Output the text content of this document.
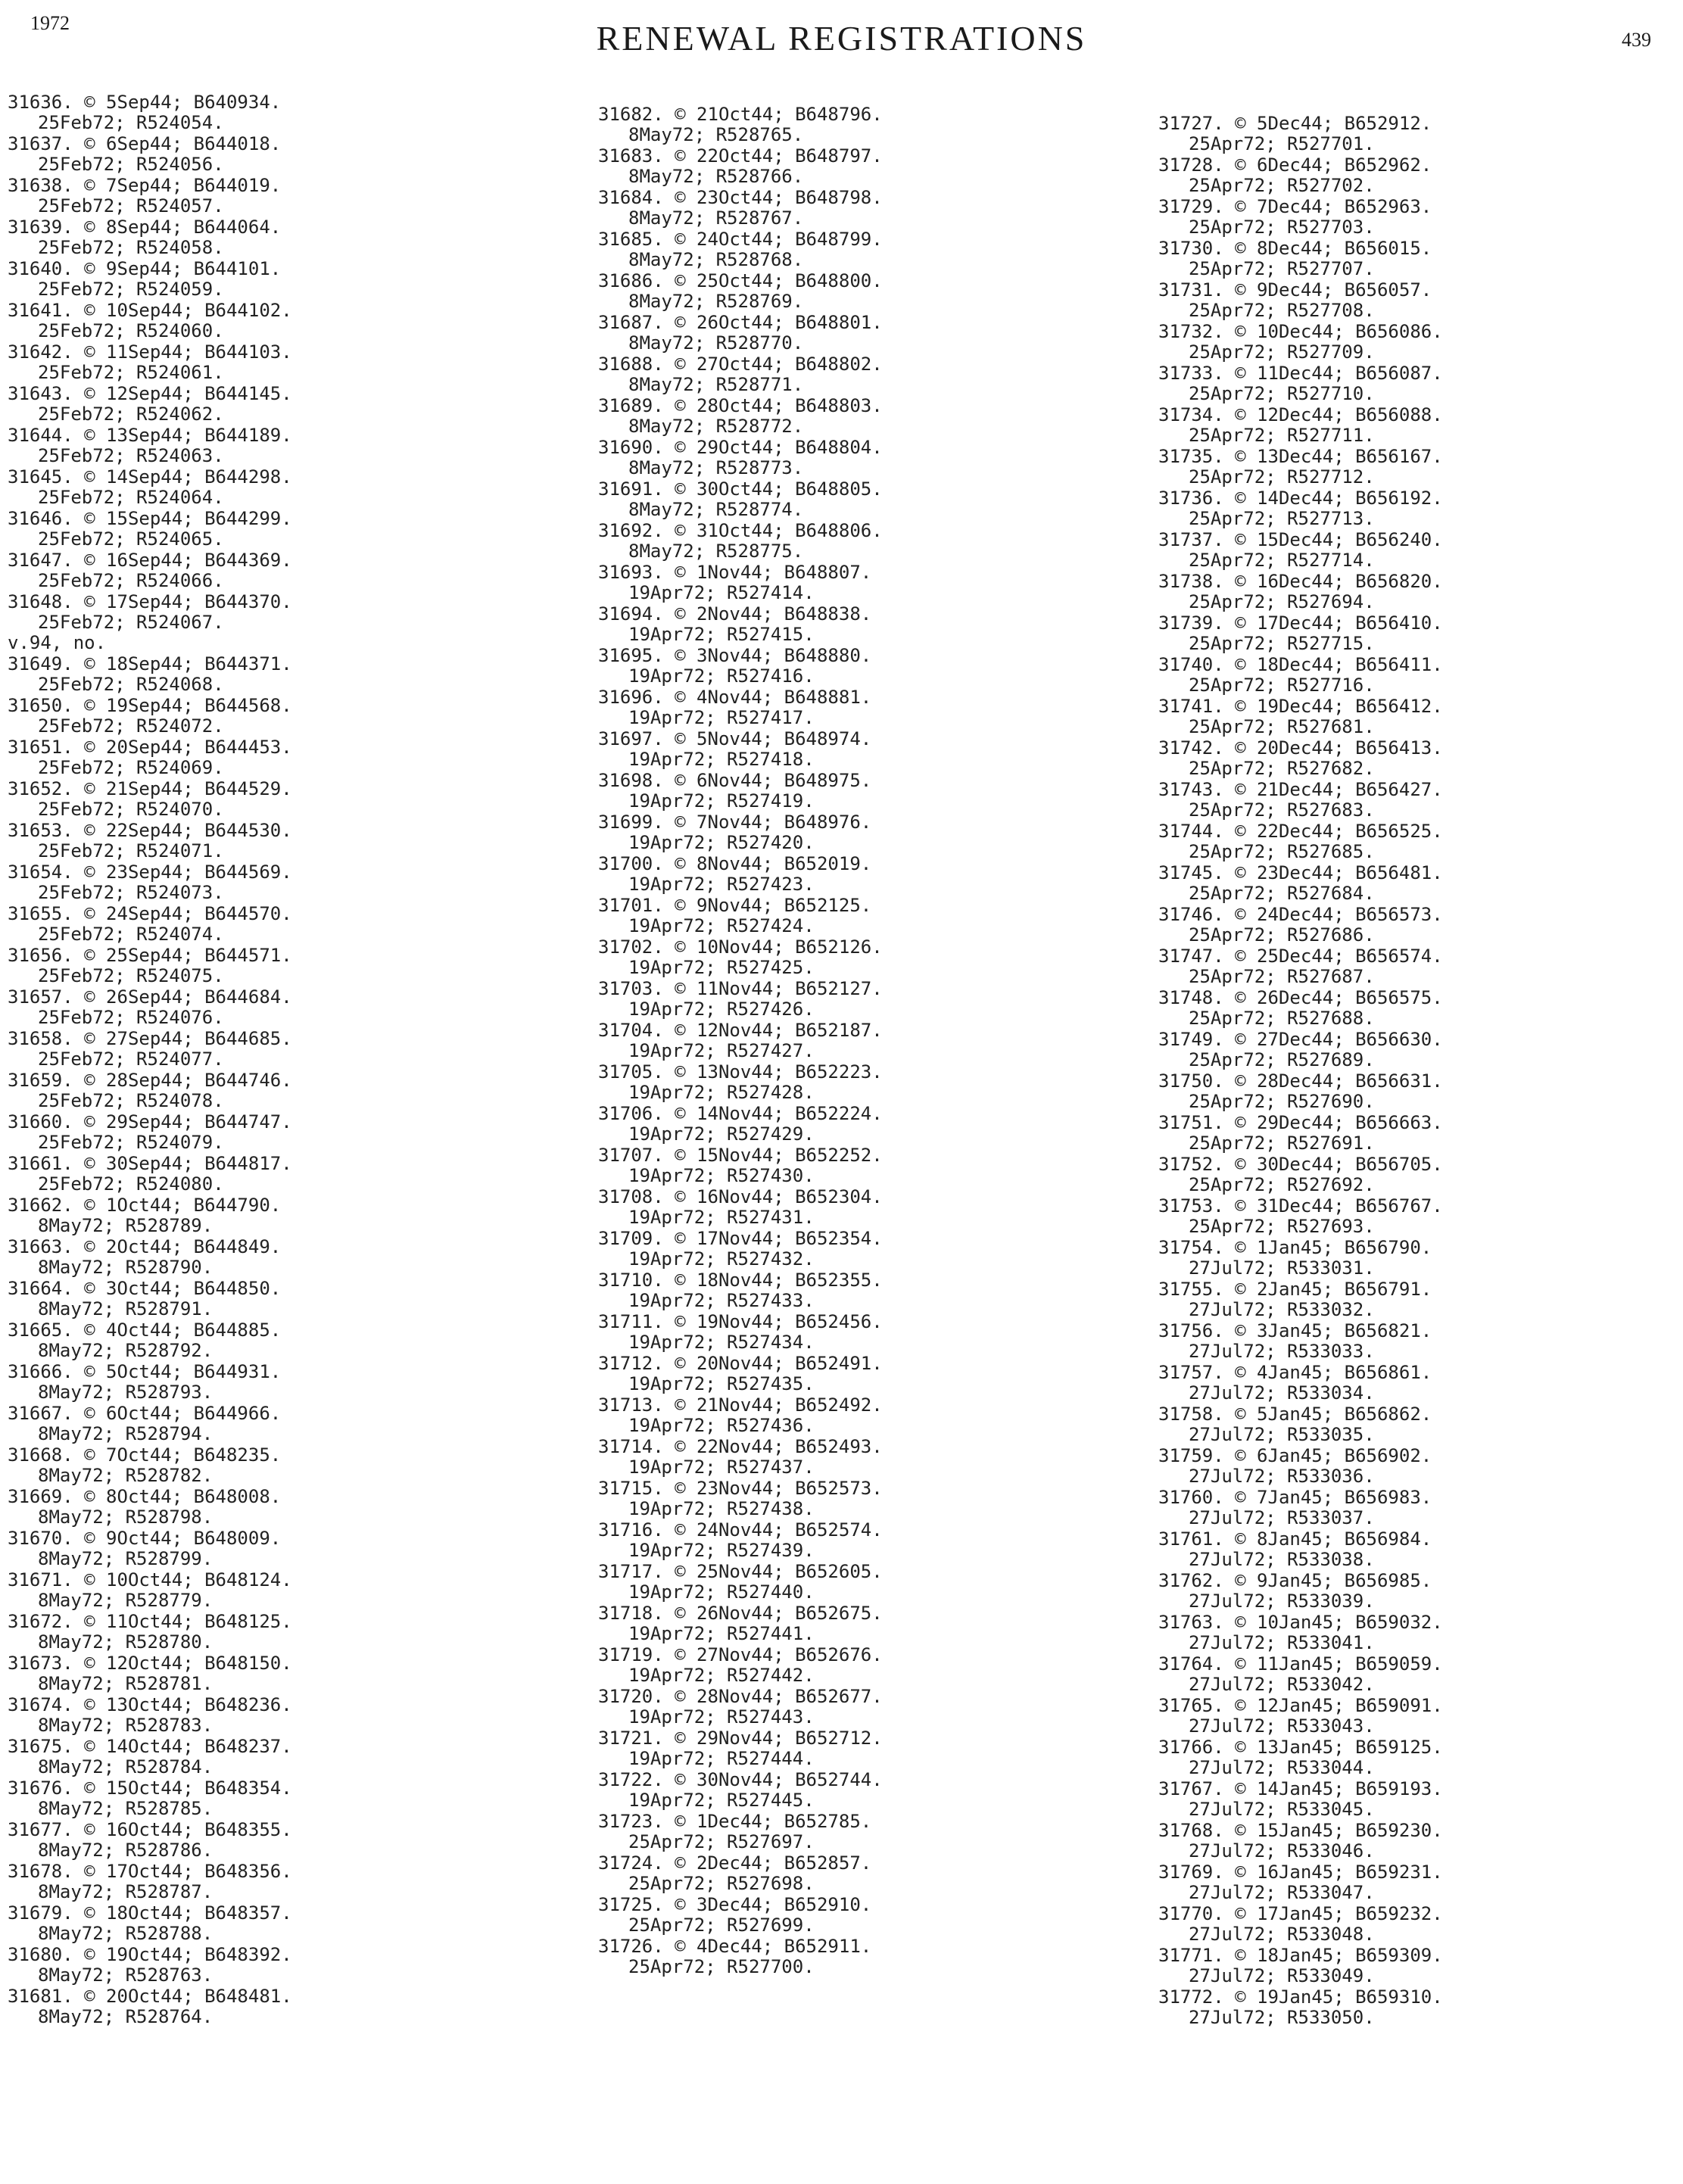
1972	RENEWAL REGISTRATIONS	439
31636. © 5Sep44; B640934.
25Feb72; R524054.
31637. © 6Sep44; B644018.
25Feb72; R524056.
31638. © 7Sep44; B644019.
25Feb72; R524057.
31639. © 8Sep44; B644064.
25Feb72; R524058.
31640. © 9Sep44; B644101.
25Feb72; R524059.
31641. © 10Sep44; B644102.
25Feb72; R524060.
31642. © 11Sep44; B644103.
25Feb72; R524061.
31643. © 12Sep44; B644145.
25Feb72; R524062.
31644. © 13Sep44; B644189.
25Feb72; R524063.
31645. © 14Sep44; B644298.
25Feb72; R524064.
31646. © 15Sep44; B644299.
25Feb72; R524065.
31647. © 16Sep44; B644369.
25Feb72; R524066.
31648. © 17Sep44; B644370.
25Feb72; R524067.
v.94, no.
31649. © 18Sep44; B644371.
25Feb72; R524068.
31650. © 19Sep44; B644568.
25Feb72; R524072.
31651. © 20Sep44; B644453.
25Feb72; R524069.
31652. © 21Sep44; B644529.
25Feb72; R524070.
31653. © 22Sep44; B644530.
25Feb72; R524071.
31654. © 23Sep44; B644569.
25Feb72; R524073.
31655. © 24Sep44; B644570.
25Feb72; R524074.
31656. © 25Sep44; B644571.
25Feb72; R524075.
31657. © 26Sep44; B644684.
25Feb72; R524076.
31658. © 27Sep44; B644685.
25Feb72; R524077.
31659. © 28Sep44; B644746.
25Feb72; R524078.
31660. © 29Sep44; B644747.
25Feb72; R524079.
31661. © 30Sep44; B644817.
25Feb72; R524080.
31662. © 1Oct44; B644790.
8May72; R528789.
31663. © 2Oct44; B644849.
8May72; R528790.
31664. © 3Oct44; B644850.
8May72; R528791.
31665. © 4Oct44; B644885.
8May72; R528792.
31666. © 5Oct44; B644931.
8May72; R528793.
31667. © 6Oct44; B644966.
8May72; R528794.
31668. © 7Oct44; B648235.
8May72; R528782.
31669. © 8Oct44; B648008.
8May72; R528798.
31670. © 9Oct44; B648009.
8May72; R528799.
31671. © 10Oct44; B648124.
8May72; R528779.
31672. © 11Oct44; B648125.
8May72; R528780.
31673. © 12Oct44; B648150.
8May72; R528781.
31674. © 13Oct44; B648236.
8May72; R528783.
31675. © 14Oct44; B648237.
8May72; R528784.
31676. © 15Oct44; B648354.
8May72; R528785.
31677. © 16Oct44; B648355.
8May72; R528786.
31678. © 17Oct44; B648356.
8May72; R528787.
31679. © 18Oct44; B648357.
8May72; R528788.
31680. © 19Oct44; B648392.
8May72; R528763.
31681. © 20Oct44; B648481.
8May72; R528764.
31682. © 21Oct44; B648796.
8May72; R528765.
31683. © 22Oct44; B648797.
8May72; R528766.
31684. © 23Oct44; B648798.
8May72; R528767.
31685. © 24Oct44; B648799.
8May72; R528768.
31686. © 25Oct44; B648800.
8May72; R528769.
31687. © 26Oct44; B648801.
8May72; R528770.
31688. © 27Oct44; B648802.
8May72; R528771.
31689. © 28Oct44; B648803.
8May72; R528772.
31690. © 29Oct44; B648804.
8May72; R528773.
31691. © 30Oct44; B648805.
8May72; R528774.
31692. © 31Oct44; B648806.
8May72; R528775.
31693. © 1Nov44; B648807.
19Apr72; R527414.
31694. © 2Nov44; B648838.
19Apr72; R527415.
31695. © 3Nov44; B648880.
19Apr72; R527416.
31696. © 4Nov44; B648881.
19Apr72; R527417.
31697. © 5Nov44; B648974.
19Apr72; R527418.
31698. © 6Nov44; B648975.
19Apr72; R527419.
31699. © 7Nov44; B648976.
19Apr72; R527420.
31700. © 8Nov44; B652019.
19Apr72; R527423.
31701. © 9Nov44; B652125.
19Apr72; R527424.
31702. © 10Nov44; B652126.
19Apr72; R527425.
31703. © 11Nov44; B652127.
19Apr72; R527426.
31704. © 12Nov44; B652187.
19Apr72; R527427.
31705. © 13Nov44; B652223.
19Apr72; R527428.
31706. © 14Nov44; B652224.
19Apr72; R527429.
31707. © 15Nov44; B652252.
19Apr72; R527430.
31708. © 16Nov44; B652304.
19Apr72; R527431.
31709. © 17Nov44; B652354.
19Apr72; R527432.
31710. © 18Nov44; B652355.
19Apr72; R527433.
31711. © 19Nov44; B652456.
19Apr72; R527434.
31712. © 20Nov44; B652491.
19Apr72; R527435.
31713. © 21Nov44; B652492.
19Apr72; R527436.
31714. © 22Nov44; B652493.
19Apr72; R527437.
31715. © 23Nov44; B652573.
19Apr72; R527438.
31716. © 24Nov44; B652574.
19Apr72; R527439.
31717. © 25Nov44; B652605.
19Apr72; R527440.
31718. © 26Nov44; B652675.
19Apr72; R527441.
31719. © 27Nov44; B652676.
19Apr72; R527442.
31720. © 28Nov44; B652677.
19Apr72; R527443.
31721. © 29Nov44; B652712.
19Apr72; R527444.
31722. © 30Nov44; B652744.
19Apr72; R527445.
31723. © 1Dec44; B652785.
25Apr72; R527697.
31724. © 2Dec44; B652857.
25Apr72; R527698.
31725. © 3Dec44; B652910.
25Apr72; R527699.
31726. © 4Dec44; B652911.
25Apr72; R527700.
31727. © 5Dec44; B652912.
25Apr72; R527701.
31728. © 6Dec44; B652962.
25Apr72; R527702.
31729. © 7Dec44; B652963.
25Apr72; R527703.
31730. © 8Dec44; B656015.
25Apr72; R527707.
31731. © 9Dec44; B656057.
25Apr72; R527708.
31732. © 10Dec44; B656086.
25Apr72; R527709.
31733. © 11Dec44; B656087.
25Apr72; R527710.
31734. © 12Dec44; B656088.
25Apr72; R527711.
31735. © 13Dec44; B656167.
25Apr72; R527712.
31736. © 14Dec44; B656192.
25Apr72; R527713.
31737. © 15Dec44; B656240.
25Apr72; R527714.
31738. © 16Dec44; B656820.
25Apr72; R527694.
31739. © 17Dec44; B656410.
25Apr72; R527715.
31740. © 18Dec44; B656411.
25Apr72; R527716.
31741. © 19Dec44; B656412.
25Apr72; R527681.
31742. © 20Dec44; B656413.
25Apr72; R527682.
31743. © 21Dec44; B656427.
25Apr72; R527683.
31744. © 22Dec44; B656525.
25Apr72; R527685.
31745. © 23Dec44; B656481.
25Apr72; R527684.
31746. © 24Dec44; B656573.
25Apr72; R527686.
31747. © 25Dec44; B656574.
25Apr72; R527687.
31748. © 26Dec44; B656575.
25Apr72; R527688.
31749. © 27Dec44; B656630.
25Apr72; R527689.
31750. © 28Dec44; B656631.
25Apr72; R527690.
31751. © 29Dec44; B656663.
25Apr72; R527691.
31752. © 30Dec44; B656705.
25Apr72; R527692.
31753. © 31Dec44; B656767.
25Apr72; R527693.
31754. © 1Jan45; B656790.
27Jul72; R533031.
31755. © 2Jan45; B656791.
27Jul72; R533032.
31756. © 3Jan45; B656821.
27Jul72; R533033.
31757. © 4Jan45; B656861.
27Jul72; R533034.
31758. © 5Jan45; B656862.
27Jul72; R533035.
31759. © 6Jan45; B656902.
27Jul72; R533036.
31760. © 7Jan45; B656983.
27Jul72; R533037.
31761. © 8Jan45; B656984.
27Jul72; R533038.
31762. © 9Jan45; B656985.
27Jul72; R533039.
31763. © 10Jan45; B659032.
27Jul72; R533041.
31764. © 11Jan45; B659059.
27Jul72; R533042.
31765. © 12Jan45; B659091.
27Jul72; R533043.
31766. © 13Jan45; B659125.
27Jul72; R533044.
31767. © 14Jan45; B659193.
27Jul72; R533045.
31768. © 15Jan45; B659230.
27Jul72; R533046.
31769. © 16Jan45; B659231.
27Jul72; R533047.
31770. © 17Jan45; B659232.
27Jul72; R533048.
31771. © 18Jan45; B659309.
27Jul72; R533049.
31772. © 19Jan45; B659310.
27Jul72; R533050.
